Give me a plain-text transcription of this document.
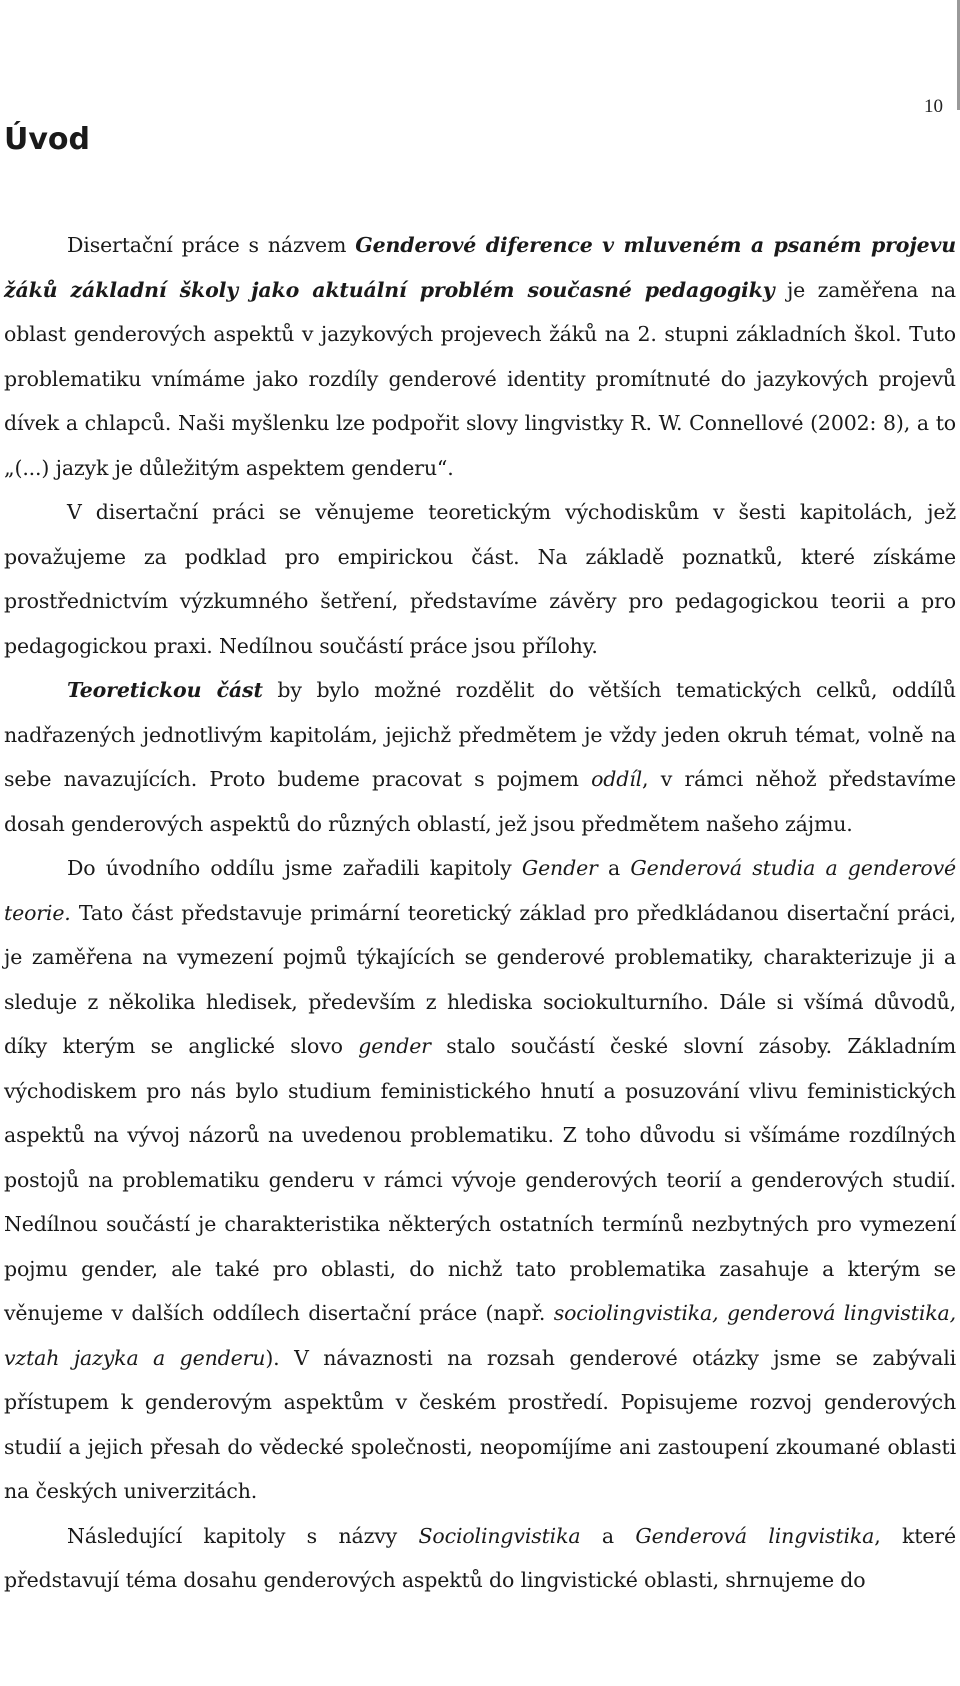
10
Úvod

Disertační práce s názvem Genderové diference v mluveném a psaném projevu žáků základní školy jako aktuální problém současné pedagogiky je zaměřena na oblast genderových aspektů v jazykových projevech žáků na 2. stupni základních škol. Tuto problematiku vnímáme jako rozdíly genderové identity promítnuté do jazykových projevů dívek a chlapců. Naši myšlenku lze podpořit slovy lingvistky R. W. Connellové (2002: 8), a to „(...) jazyk je důležitým aspektem genderu“.

V disertační práci se věnujeme teoretickým východiskům v šesti kapitolách, jež považujeme za podklad pro empirickou část. Na základě poznatků, které získáme prostřednictvím výzkumného šetření, představíme závěry pro pedagogickou teorii a pro pedagogickou praxi. Nedílnou součástí práce jsou přílohy.

Teoretickou část by bylo možné rozdělit do větších tematických celků, oddílů nadřazených jednotlivým kapitolám, jejichž předmětem je vždy jeden okruh témat, volně na sebe navazujících. Proto budeme pracovat s pojmem oddíl, v rámci něhož představíme dosah genderových aspektů do různých oblastí, jež jsou předmětem našeho zájmu.

Do úvodního oddílu jsme zařadili kapitoly Gender a Genderová studia a genderové teorie. Tato část představuje primární teoretický základ pro předkládanou disertační práci, je zaměřena na vymezení pojmů týkajících se genderové problematiky, charakterizuje ji a sleduje z několika hledisek, především z hlediska sociokulturního. Dále si všímá důvodů, díky kterým se anglické slovo gender stalo součástí české slovní zásoby. Základním východiskem pro nás bylo studium feministického hnutí a posuzování vlivu feministických aspektů na vývoj názorů na uvedenou problematiku. Z toho důvodu si všímáme rozdílných postojů na problematiku genderu v rámci vývoje genderových teorií a genderových studií. Nedílnou součástí je charakteristika některých ostatních termínů nezbytných pro vymezení pojmu gender, ale také pro oblasti, do nichž tato problematika zasahuje a kterým se věnujeme v dalších oddílech disertační práce (např. sociolingvistika, genderová lingvistika, vztah jazyka a genderu). V návaznosti na rozsah genderové otázky jsme se zabývali přístupem k genderovým aspektům v českém prostředí. Popisujeme rozvoj genderových studií a jejich přesah do vědecké společnosti, neopomíjíme ani zastoupení zkoumané oblasti na českých univerzitách.

Následující kapitoly s názvy Sociolingvistika a Genderová lingvistika, které představují téma dosahu genderových aspektů do lingvistické oblasti, shrnujeme do
